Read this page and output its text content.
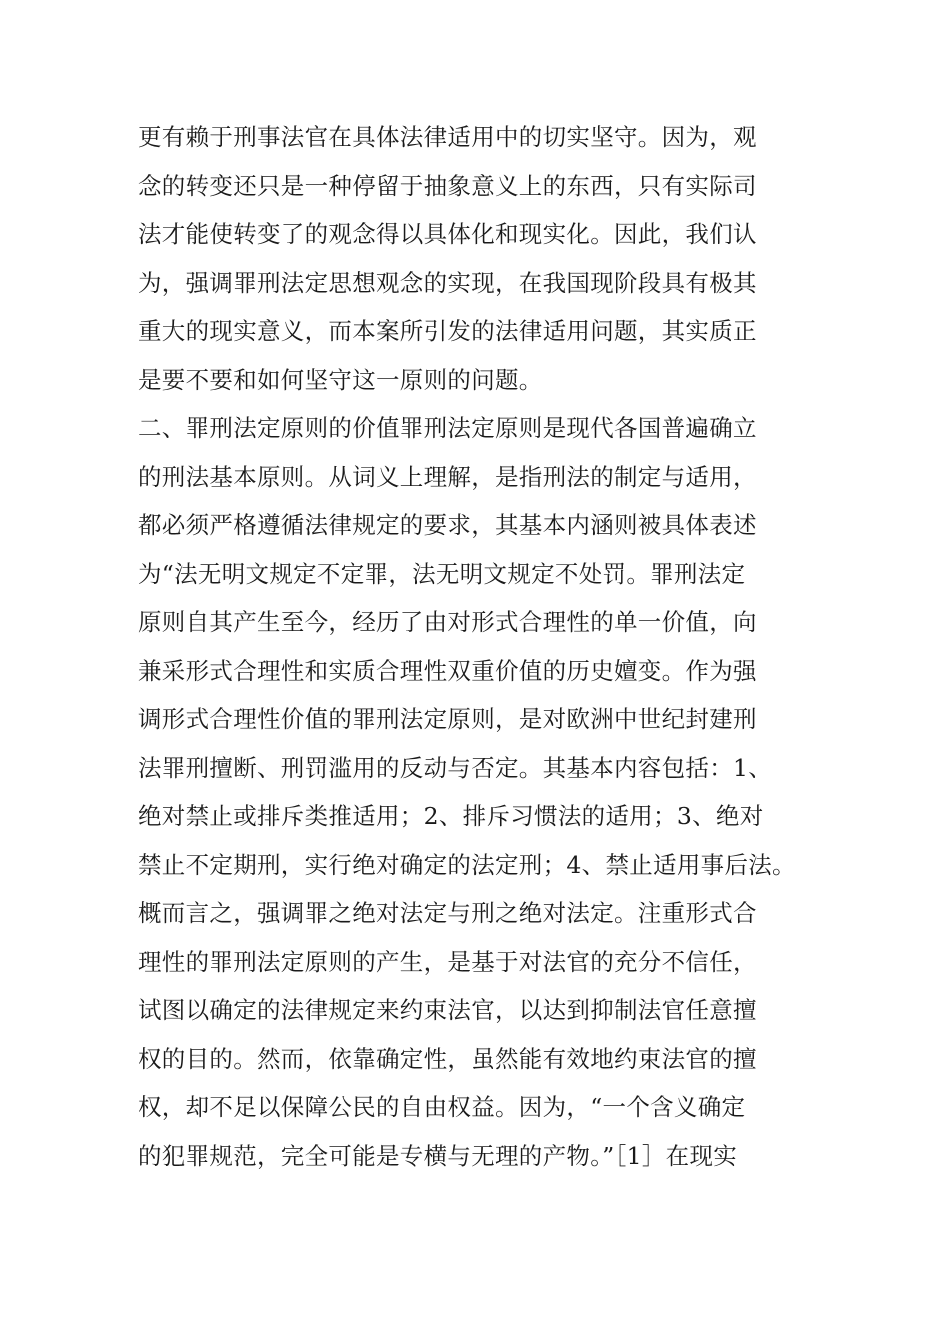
更有赖于刑事法官在具体法律适用中的切实坚守。因为，观
念的转变还只是一种停留于抽象意义上的东西，只有实际司
法才能使转变了的观念得以具体化和现实化。因此，我们认
为，强调罪刑法定思想观念的实现，在我国现阶段具有极其
重大的现实意义，而本案所引发的法律适用问题，其实质正
是要不要和如何坚守这一原则的问题。
二、罪刑法定原则的价值罪刑法定原则是现代各国普遍确立
的刑法基本原则。从词义上理解，是指刑法的制定与适用，
都必须严格遵循法律规定的要求，其基本内涵则被具体表述
为“法无明文规定不定罪，法无明文规定不处罚。罪刑法定
原则自其产生至今，经历了由对形式合理性的单一价值，向
兼采形式合理性和实质合理性双重价值的历史嬗变。作为强
调形式合理性价值的罪刑法定原则，是对欧洲中世纪封建刑
法罪刑擅断、刑罚滥用的反动与否定。其基本内容包括：1、
绝对禁止或排斥类推适用；2、排斥习惯法的适用；3、绝对
禁止不定期刑，实行绝对确定的法定刑；4、禁止适用事后法。
概而言之，强调罪之绝对法定与刑之绝对法定。注重形式合
理性的罪刑法定原则的产生，是基于对法官的充分不信任，
试图以确定的法律规定来约束法官，以达到抑制法官任意擅
权的目的。然而，依靠确定性，虽然能有效地约束法官的擅
权，却不足以保障公民的自由权益。因为，“一个含义确定
的犯罪规范，完全可能是专横与无理的产物。”［1］在现实
